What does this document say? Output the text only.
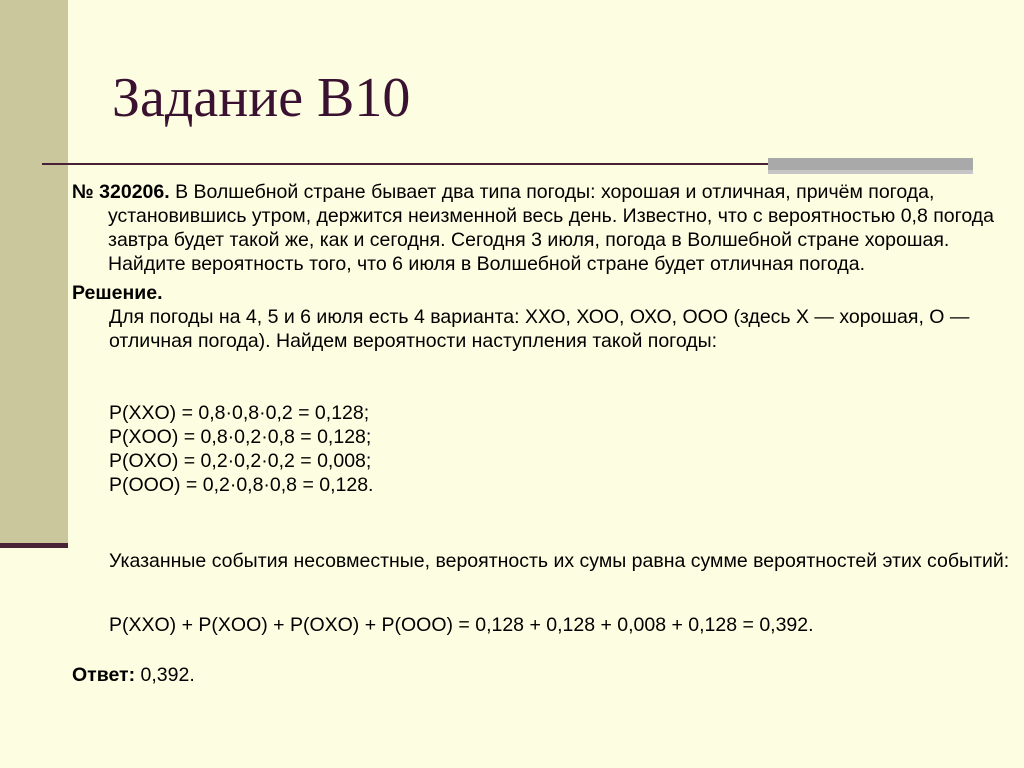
Задание B10

№ 320206. В Волшебной стране бывает два типа погоды: хорошая и отличная, причём погода, установившись утром, держится неизменной весь день. Известно, что с вероятностью 0,8 погода завтра будет такой же, как и сегодня. Сегодня 3 июля, погода в Волшебной стране хорошая. Найдите вероятность того, что 6 июля в Волшебной стране будет отличная погода.

Решение.
Для погоды на 4, 5 и 6 июля есть 4 варианта: ХХО, ХОО, ОХО, ООО (здесь Х — хорошая, О — отличная погода). Найдем вероятности наступления такой погоды:
P(XXO) = 0,8·0,8·0,2 = 0,128;
P(XOO) = 0,8·0,2·0,8 = 0,128;
P(OXO) = 0,2·0,2·0,2 = 0,008;
P(OOO) = 0,2·0,8·0,8 = 0,128.
Указанные события несовместные, вероятность их сумы равна сумме вероятностей этих событий:
P(XXO) + P(XOO) + P(OXO) + P(OOO) = 0,128 + 0,128 + 0,008 + 0,128 = 0,392.
Ответ: 0,392.
